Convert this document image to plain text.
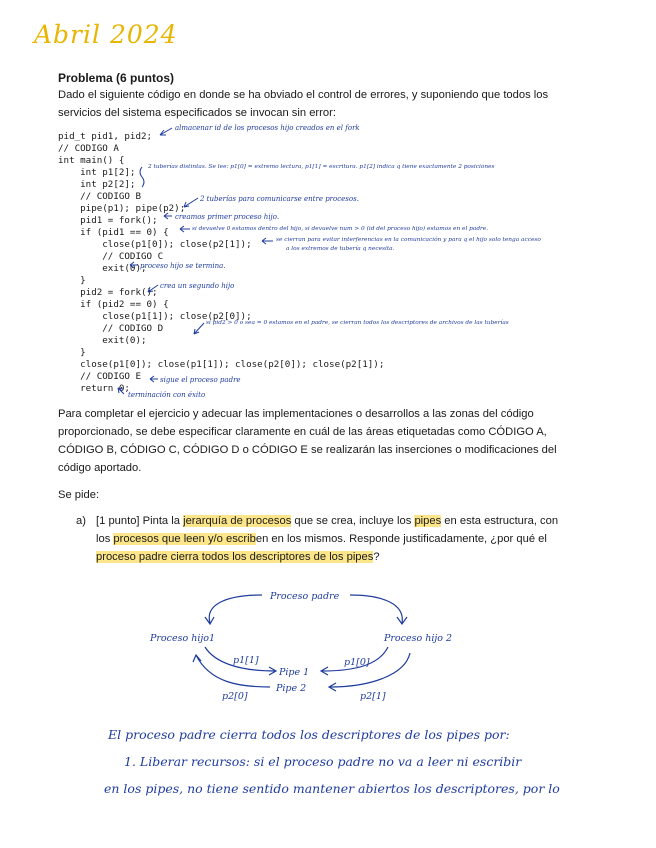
Abril 2024
Problema (6 puntos)
Dado el siguiente código en donde se ha obviado el control de errores, y suponiendo que todos los
servicios del sistema especificados se invocan sin error:

pid_t pid1, pid2;

// CODIGO A

int main() {

int p1[2];

int p2[2];

// CODIGO B

pipe(p1); pipe(p2);

pid1 = fork();

if (pid1 == 0) {

close(p1[0]); close(p2[1]);

// CODIGO C

exit(0);

}

pid2 = fork();

if (pid2 == 0) {

close(p1[1]); close(p2[0]);

// CODIGO D

exit(0);

}

close(p1[0]); close(p1[1]); close(p2[0]); close(p2[1]);

// CODIGO E

return 0;

almacenar id de los procesos hijo creados en el fork
2 tuberías distintas. Se lee: p1[0] = extremo lectura, p1[1] = escritura. p1[2] indica q tiene exactamente 2 posiciones
2 tuberías para comunicarse entre procesos.
creamos primer proceso hijo.
si devuelve 0 estamos dentro del hijo, si devuelve num > 0 (id del proceso hijo) estamos en el padre.
se cierran para evitar interferencias en la comunicación y para q el hijo solo tenga acceso
a los extremos de tubería q necesita.
proceso hijo se termina.
crea un segundo hijo
si pid2 > 0 o sea = 0 estamos en el padre, se cierran todos los descriptores de archivos de las tuberías
sigue el proceso padre
terminación con éxito
Para completar el ejercicio y adecuar las implementaciones o desarrollos a las zonas del código
proporcionado, se debe especificar claramente en cuál de las áreas etiquetadas como CÓDIGO A,
CÓDIGO B, CÓDIGO C, CÓDIGO D o CÓDIGO E se realizarán las inserciones o modificaciones del
código aportado.
Se pide:
a) [1 punto] Pinta la jerarquía de procesos que se crea, incluye los pipes en esta estructura, con
los procesos que leen y/o escriben en los mismos. Responde justificadamente, ¿por qué el
proceso padre cierra todos los descriptores de los pipes?
Proceso padre
Proceso hijo1	Proceso hijo 2
p1[1]
Pipe 1
p1[0]
p2[0]
Pipe 2
p2[1]
El proceso padre cierra todos los descriptores de los pipes por:
1. Liberar recursos: si el proceso padre no va a leer ni escribir
en los pipes, no tiene sentido mantener abiertos los descriptores, por lo
